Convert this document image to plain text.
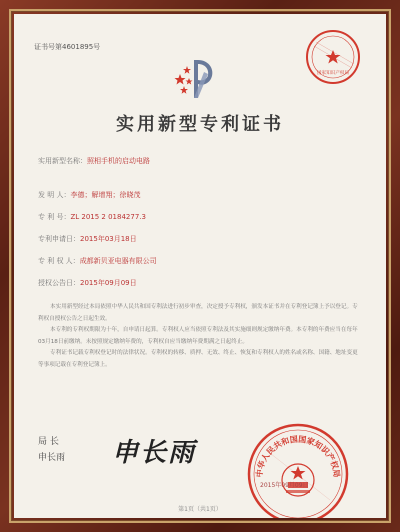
证书号第4601895号
国家知识产权局
实用新型专利证书
实用新型名称：照相手机的启动电路
发 明 人：李德；解增翔；徐晓茂
专 利 号：ZL 2015 2 0184277.3
专利申请日：2015年03月18日
专 利 权 人：成都新贝亚电器有限公司
授权公告日：2015年09月09日

本实用新型经过本局依照中华人民共和国专利法进行初步审查，决定授予专利权，颁发本证书并在专利登记簿上予以登记。专利权自授权公告之日起生效。

本专利的专利权期限为十年，自申请日起算。专利权人应当依照专利法及其实施细则规定缴纳年费。本专利的年费应当在每年03月18日前缴纳。未按照规定缴纳年费的，专利权自应当缴纳年费期满之日起终止。

专利证书记载专利权登记时的法律状况。专利权的转移、质押、无效、终止、恢复和专利权人的姓名或名称、国籍、地址变更等事项记载在专利登记簿上。

局 长
申长雨 申长雨
中华人民共和国国家知识产权局
2015年09月09日
第1页（共1页）
